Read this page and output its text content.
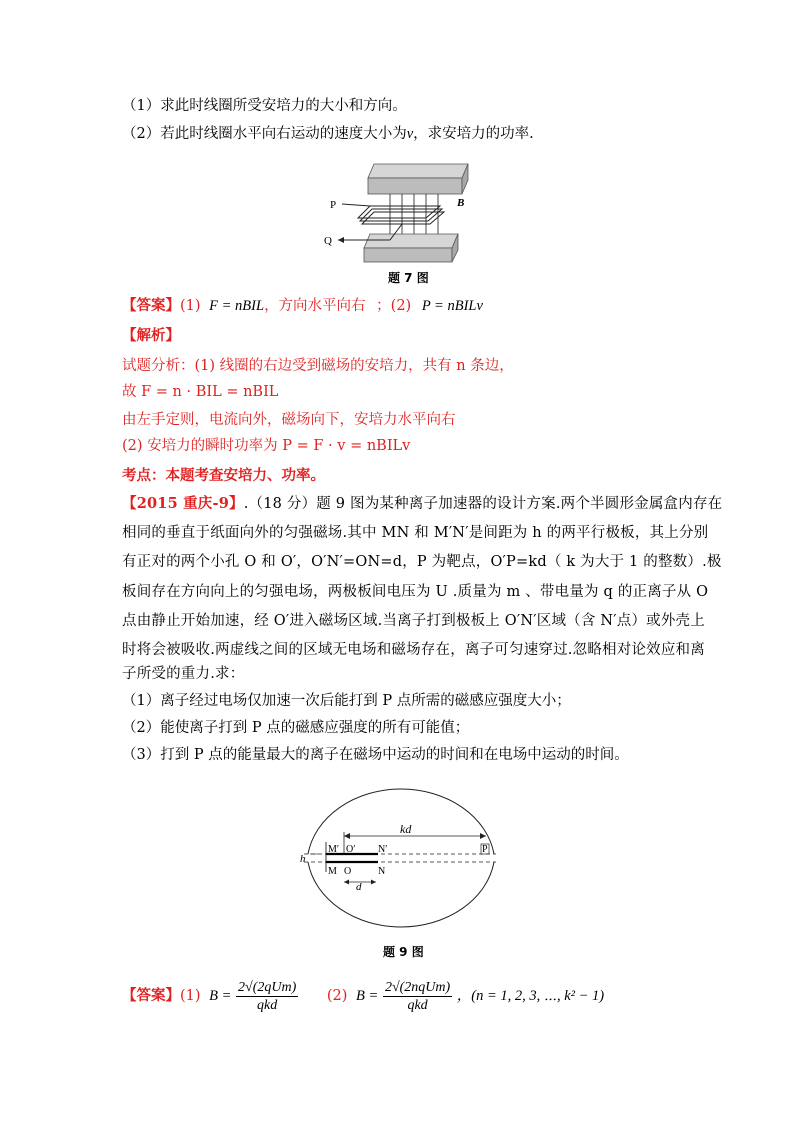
（1）求此时线圈所受安培力的大小和方向。
（2）若此时线圈水平向右运动的速度大小为v，求安培力的功率.
P
Q
B
题 7 图
【答案】(1) F = nBIL，方向水平向右 ；(2) P = nBILv
【解析】
试题分析：(1) 线圈的右边受到磁场的安培力，共有 n 条边，
故 F = n · BIL = nBIL
由左手定则，电流向外，磁场向下，安培力水平向右
(2) 安培力的瞬时功率为 P = F · v = nBILv
考点：本题考查安培力、功率。
【2015 重庆-9】.（18 分）题 9 图为某种离子加速器的设计方案.两个半圆形金属盒内存在
相同的垂直于纸面向外的匀强磁场.其中 MN 和 M′N′是间距为 h 的两平行极板，其上分别
有正对的两个小孔 O 和 O′，O′N′=ON=d，P 为靶点，O′P=kd（ k 为大于 1 的整数）.极
板间存在方向向上的匀强电场，两极板间电压为 U .质量为 m 、带电量为 q 的正离子从 O
点由静止开始加速，经 O′进入磁场区域.当离子打到极板上 O′N′区域（含 N′点）或外壳上
时将会被吸收.两虚线之间的区域无电场和磁场存在，离子可匀速穿过.忽略相对论效应和离
子所受的重力.求：
（1）离子经过电场仅加速一次后能打到 P 点所需的磁感应强度大小；
（2）能使离子打到 P 点的磁感应强度的所有可能值；
（3）打到 P 点的能量最大的离子在磁场中运动的时间和在电场中运动的时间。
kd
h
M′ O′ N′	P
M O	N
d
题 9 图
【答案】(1) $B = \frac{\text{2√(2qUm)}}{\text{qkd}} (2) B = \frac{\text{2√(2nqUm)}}{\text{qkd}}$ ，(n = 1, 2, 3, ⋯, k² − 1)
